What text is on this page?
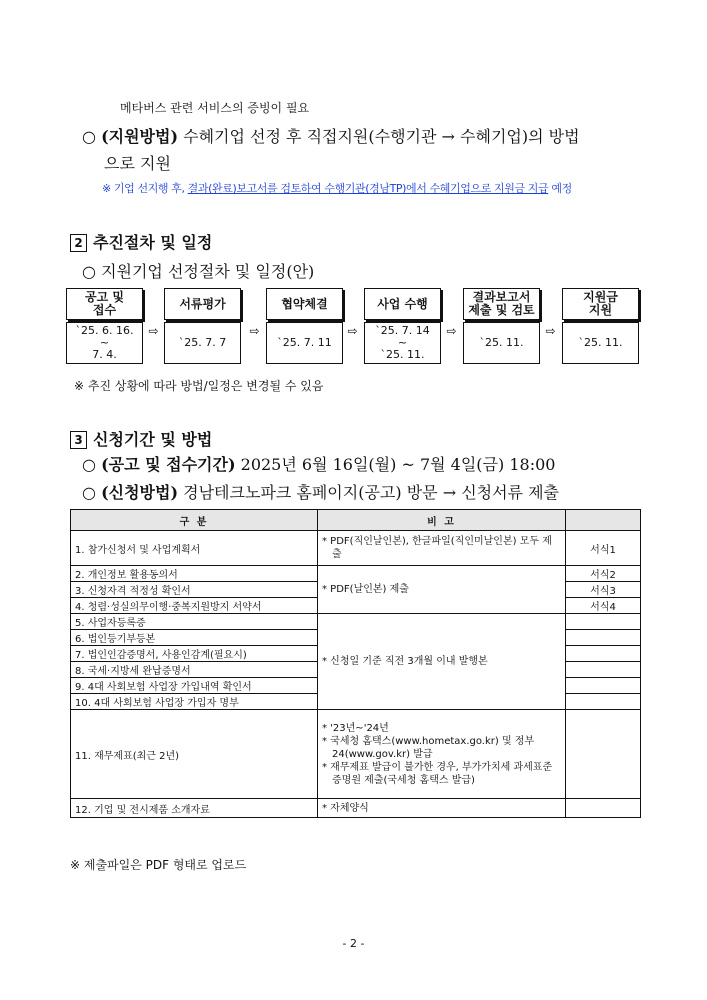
메타버스 관련 서비스의 증빙이 필요
○ (지원방법) 수혜기업 선정 후 직접지원(수행기관 → 수혜기업)의 방법
으로 지원
※ 기업 선지행 후, 결과(완료)보고서를 검토하여 수행기관(경남TP)에서 수혜기업으로 지원금 지급 예정
2 추진절차 및 일정
○ 지원기업 선정절차 및 일정(안)
공고 및
접수
`25. 6. 16.
~
7. 4.
⇨
서류평가
`25. 7. 7
⇨
협약체결
`25. 7. 11
⇨
사업 수행
`25. 7. 14
~
`25. 11.
⇨
결과보고서
제출 및 검토
`25. 11.
⇨
지원금
지원
`25. 11.
※ 추진 상황에 따라 방법/일정은 변경될 수 있음
3 신청기간 및 방법
○ (공고 및 접수기간) 2025년 6월 16일(월) ~ 7월 4일(금) 18:00
○ (신청방법) 경남테크노파크 홈페이지(공고) 방문 → 신청서류 제출
구 분	비 고	
1. 참가신청서 및 사업계획서	* PDF(직인날인본), 한글파일(직인미날인본) 모두 제출	서식1
2. 개인정보 활용동의서	* PDF(날인본) 제출	서식2
3. 신청자격 적정성 확인서		서식3
4. 청렴·성실의무이행·중복지원방지 서약서		서식4
5. 사업자등록증	* 신청일 기준 직전 3개월 이내 발행본	

6. 법인등기부등본		
7. 법인인감증명서, 사용인감계(필요시)		
8. 국세·지방세 완납증명서		
9. 4대 사회보험 사업장 가입내역 확인서		
10. 4대 사회보험 사업장 가입자 명부		
11. 재무제표(최근 2년)	* '23년~'24년
* 국세청 홈택스(www.hometax.go.kr) 및 정부24(www.gov.kr) 발급
* 재무제표 발급이 불가한 경우, 부가가치세 과세표준증명원 제출(국세청 홈택스 발급)	

12. 기업 및 전시제품 소개자료	* 자체양식	

※ 제출파일은 PDF 형태로 업로드
- 2 -
